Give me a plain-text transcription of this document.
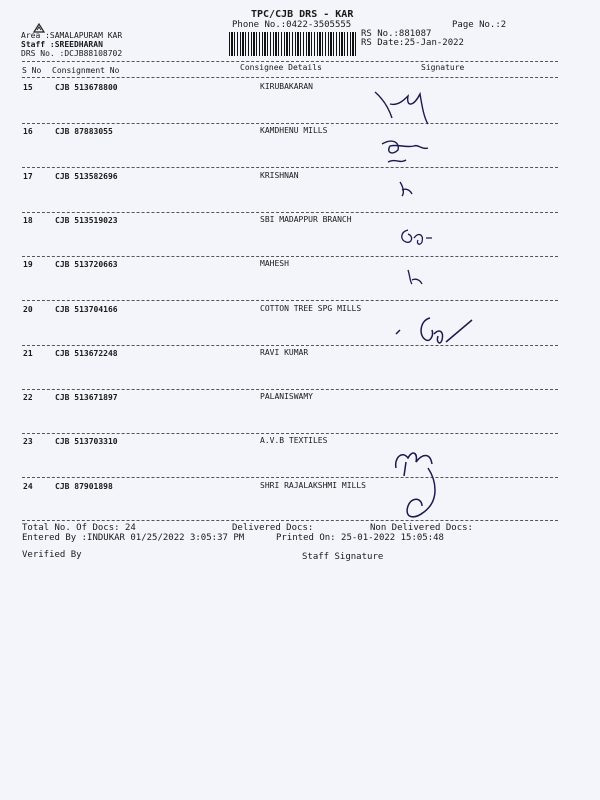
TPC/CJB DRS - KAR
Phone No.:0422-3505555	Page No.:2
Area :SAMALAPURAM KAR
Staff :SREEDHARAN
DRS No. :DCJB88108702
RS No.:881087
RS Date:25-Jan-2022
S No Consignment No	Consignee Details	Signature
15	CJB 513678800	KIRUBAKARAN
16	CJB 87883055	KAMDHENU MILLS
17	CJB 513582696	KRISHNAN
18	CJB 513519023	SBI MADAPPUR BRANCH
19	CJB 513720663	MAHESH
20	CJB 513704166	COTTON TREE SPG MILLS
21	CJB 513672248	RAVI KUMAR
22	CJB 513671897	PALANISWAMY
23	CJB 513703310	A.V.B TEXTILES
24	CJB 87901898	SHRI RAJALAKSHMI MILLS
Total No. Of Docs: 24	Delivered Docs:	Non Delivered Docs:
Entered By :INDUKAR 01/25/2022 3:05:37 PM	Printed On: 25-01-2022 15:05:48
Verified By	Staff Signature
